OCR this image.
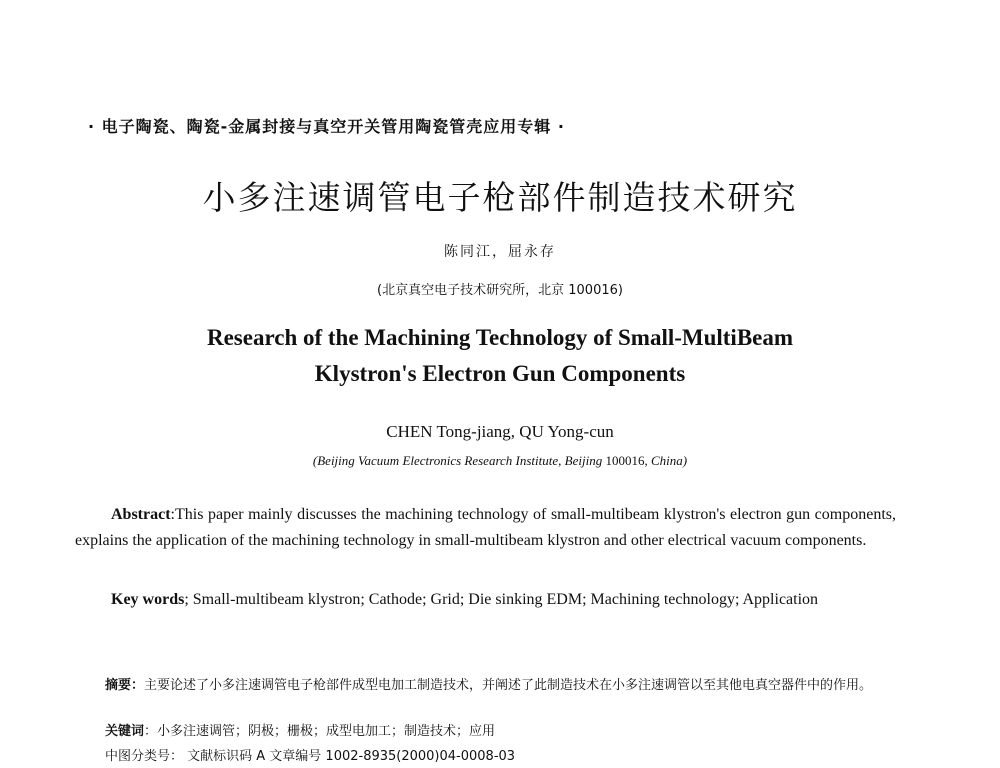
· 电子陶瓷、陶瓷-金属封接与真空开关管用陶瓷管壳应用专辑 ·
小多注速调管电子枪部件制造技术研究
陈同江，屈永存
(北京真空电子技术研究所，北京 100016)
Research of the Machining Technology of Small-MultiBeam
Klystron's Electron Gun Components
CHEN Tong-jiang, QU Yong-cun
(Beijing Vacuum Electronics Research Institute, Beijing 100016, China)
Abstract:This paper mainly discusses the machining technology of small-multibeam klystron's electron gun components, explains the application of the machining technology in small-multibeam klystron and other electrical vacuum components.
Key words; Small-multibeam klystron; Cathode; Grid; Die sinking EDM; Machining technology; Application
摘要：主要论述了小多注速调管电子枪部件成型电加工制造技术，并阐述了此制造技术在小多注速调管以至其他电真空器件中的作用。
关键词：小多注速调管；阴极；栅极；成型电加工；制造技术；应用
中图分类号： 文献标识码 A 文章编号 1002-8935(2000)04-0008-03
